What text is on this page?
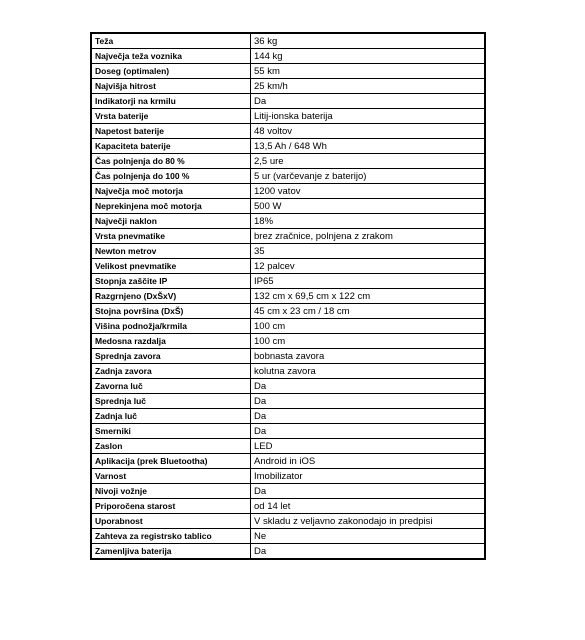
Teža	36 kg
Največja teža voznika	144 kg
Doseg (optimalen)	55 km
Najvišja hitrost	25 km/h
Indikatorji na krmilu	Da
Vrsta baterije	Litij-ionska baterija
Napetost baterije	48 voltov
Kapaciteta baterije	13,5 Ah / 648 Wh
Čas polnjenja do 80 %	2,5 ure
Čas polnjenja do 100 %	5 ur (varčevanje z baterijo)
Največja moč motorja	1200 vatov
Neprekinjena moč motorja	500 W
Največji naklon	18%
Vrsta pnevmatike	brez zračnice, polnjena z zrakom
Newton metrov	35
Velikost pnevmatike	12 palcev
Stopnja zaščite IP	IP65
Razgrnjeno (DxŠxV)	132 cm x 69,5 cm x 122 cm
Stojna površina (DxŠ)	45 cm x 23 cm / 18 cm
Višina podnožja/krmila	100 cm
Medosna razdalja	100 cm
Sprednja zavora	bobnasta zavora
Zadnja zavora	kolutna zavora
Zavorna luč	Da
Sprednja luč	Da
Zadnja luč	Da
Smerniki	Da
Zaslon	LED
Aplikacija (prek Bluetootha)	Android in iOS
Varnost	Imobilizator
Nivoji vožnje	Da
Priporočena starost	od 14 let
Uporabnost	V skladu z veljavno zakonodajo in predpisi
Zahteva za registrsko tablico	Ne
Zamenljiva baterija	Da
